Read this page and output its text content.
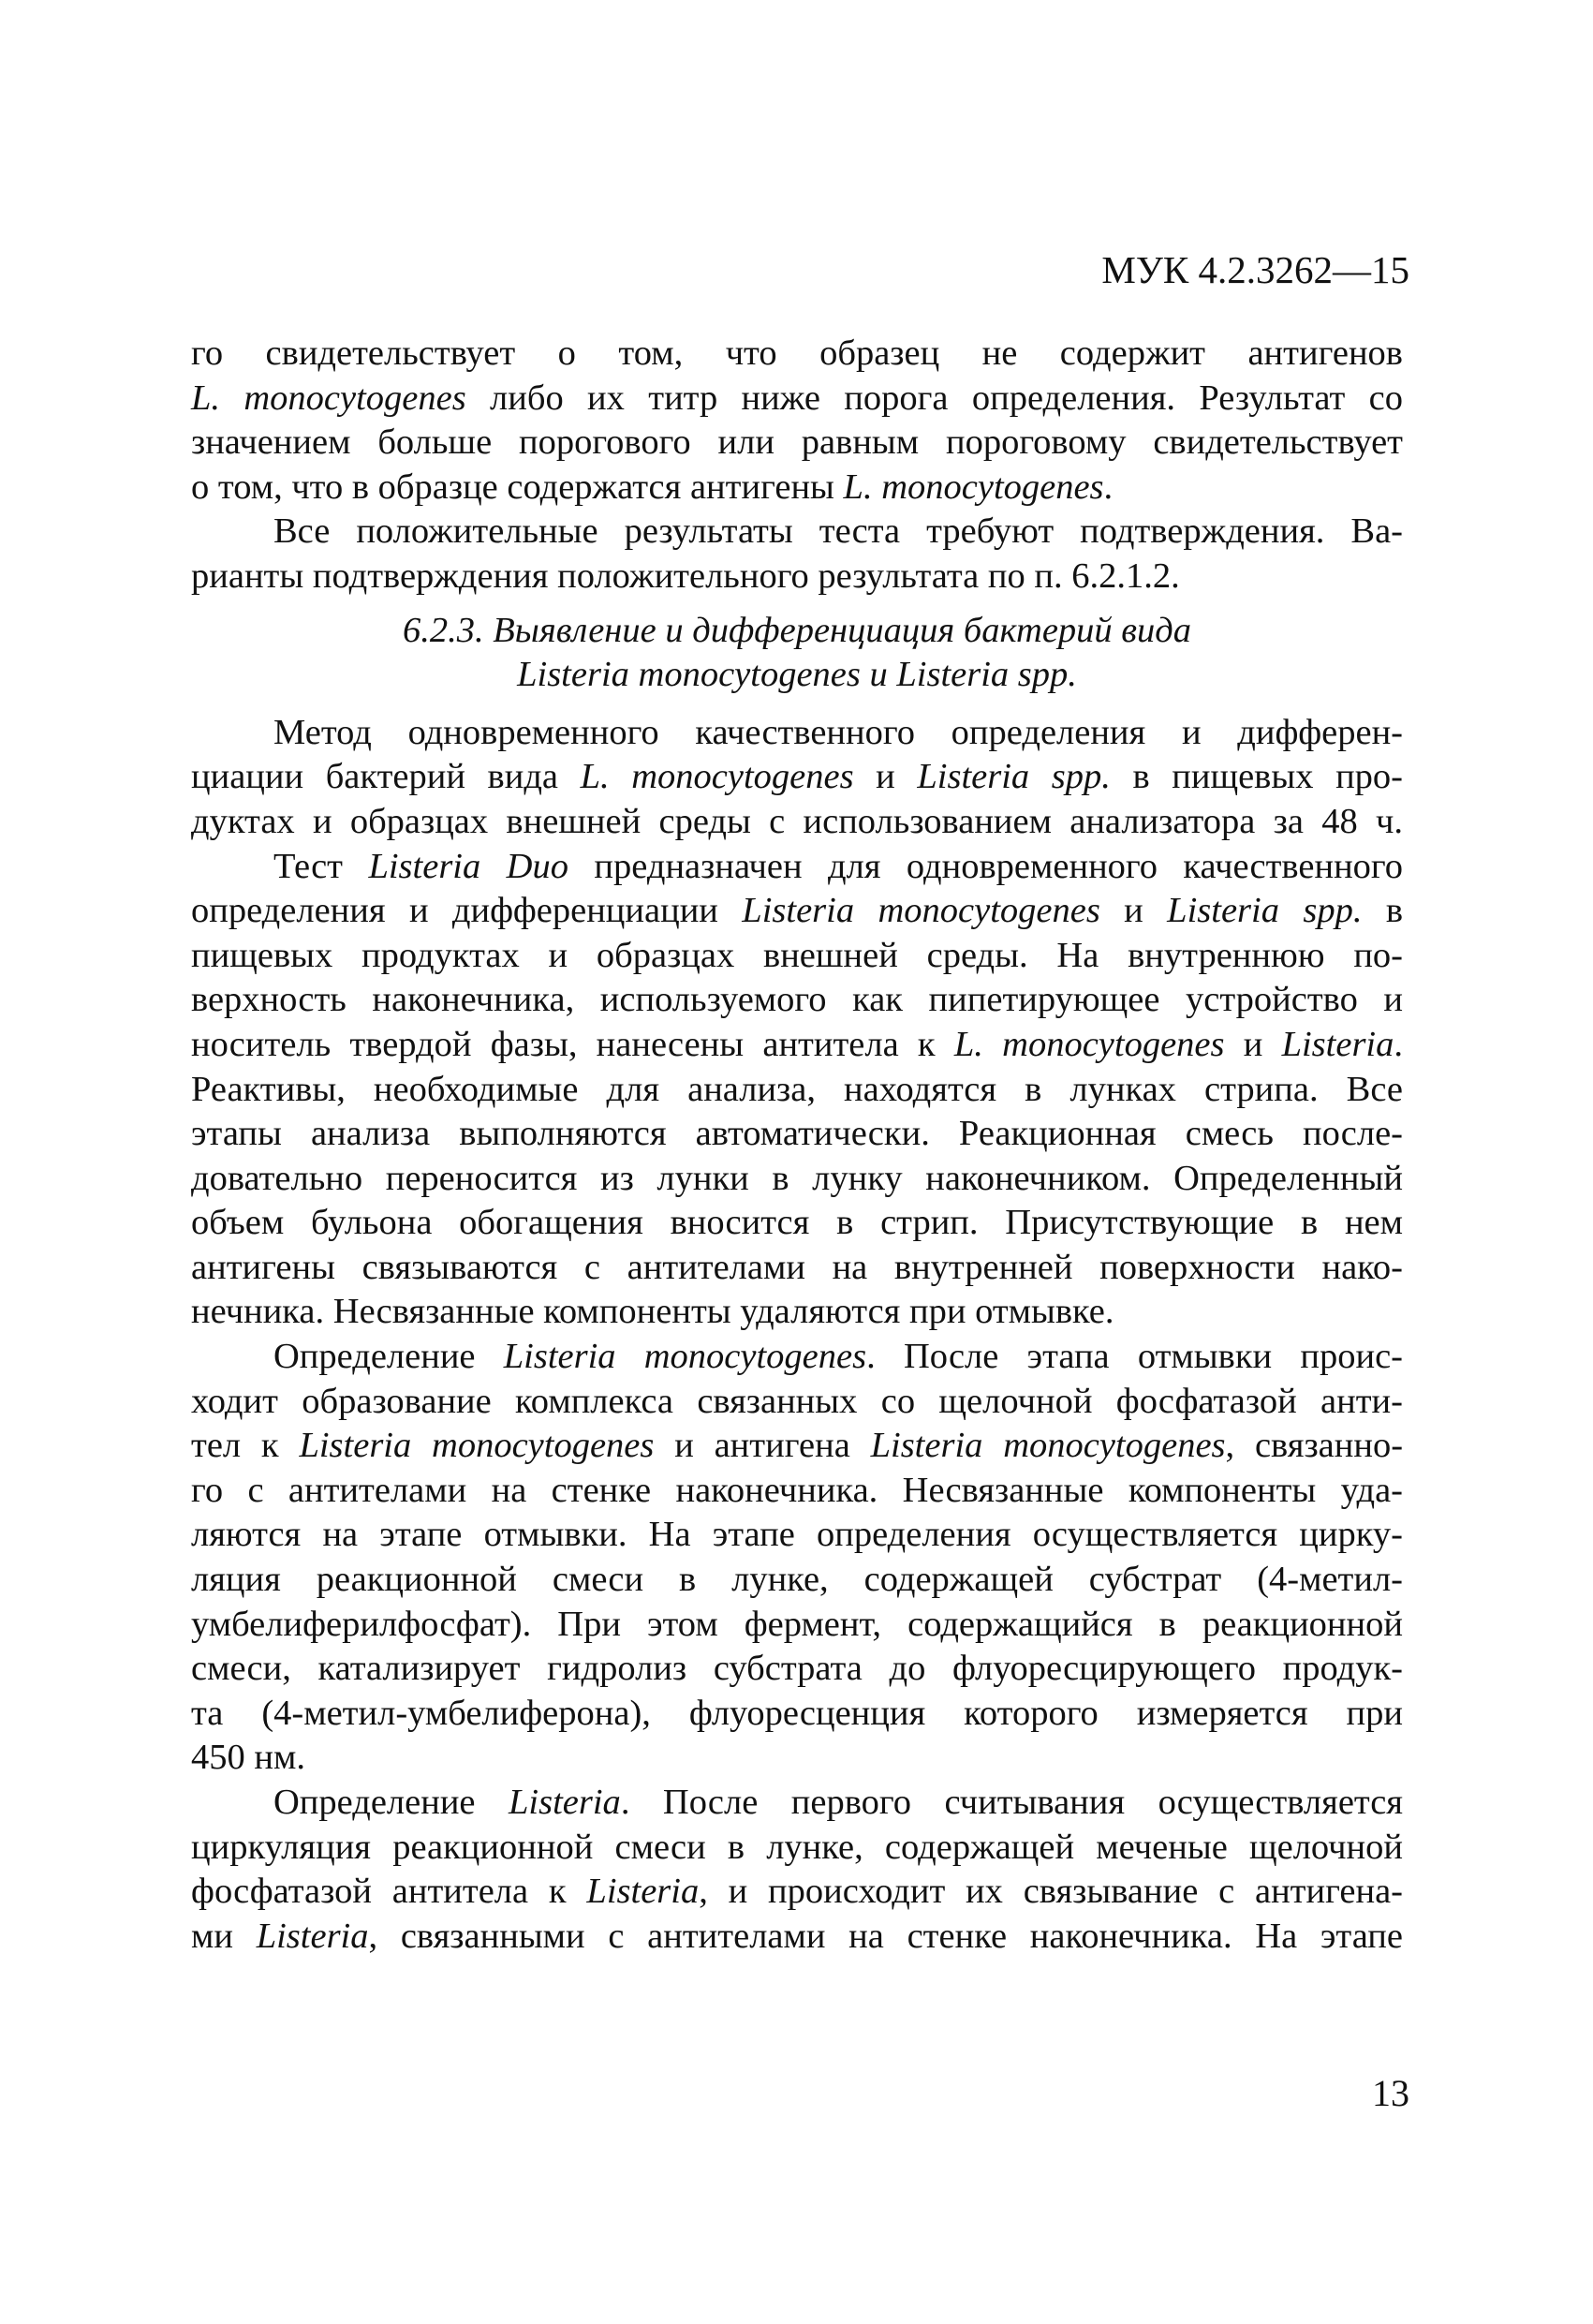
МУК 4.2.3262—15
го свидетельствует о том, что образец не содержит антигенов
L. monocytogenes либо их титр ниже порога определения. Результат со
значением больше порогового или равным пороговому свидетельствует
о том, что в образце содержатся антигены L. monocytogenes.
Все положительные результаты теста требуют подтверждения. Ва-
рианты подтверждения положительного результата по п. 6.2.1.2.
6.2.3. Выявление и дифференциация бактерий вида
Listeria monocytogenes и Listeria spp.
Метод одновременного качественного определения и дифферен-
циации бактерий вида L. monocytogenes и Listeria spp. в пищевых про-
дуктах и образцах внешней среды с использованием анализатора за 48 ч.
Тест Listeria Duo предназначен для одновременного качественного
определения и дифференциации Listeria monocytogenes и Listeria spp. в
пищевых продуктах и образцах внешней среды. На внутреннюю по-
верхность наконечника, используемого как пипетирующее устройство и
носитель твердой фазы, нанесены антитела к L. monocytogenes и Listeria.
Реактивы, необходимые для анализа, находятся в лунках стрипа. Все
этапы анализа выполняются автоматически. Реакционная смесь после-
довательно переносится из лунки в лунку наконечником. Определенный
объем бульона обогащения вносится в стрип. Присутствующие в нем
антигены связываются с антителами на внутренней поверхности нако-
нечника. Несвязанные компоненты удаляются при отмывке.
Определение Listeria monocytogenes. После этапа отмывки проис-
ходит образование комплекса связанных со щелочной фосфатазой анти-
тел к Listeria monocytogenes и антигена Listeria monocytogenes, связанно-
го с антителами на стенке наконечника. Несвязанные компоненты уда-
ляются на этапе отмывки. На этапе определения осуществляется цирку-
ляция реакционной смеси в лунке, содержащей субстрат (4-метил-
умбелиферилфосфат). При этом фермент, содержащийся в реакционной
смеси, катализирует гидролиз субстрата до флуоресцирующего продук-
та (4-метил-умбелиферона), флуоресценция которого измеряется при
450 нм.
Определение Listeria. После первого считывания осуществляется
циркуляция реакционной смеси в лунке, содержащей меченые щелочной
фосфатазой антитела к Listeria, и происходит их связывание с антигена-
ми Listeria, связанными с антителами на стенке наконечника. На этапе
13
